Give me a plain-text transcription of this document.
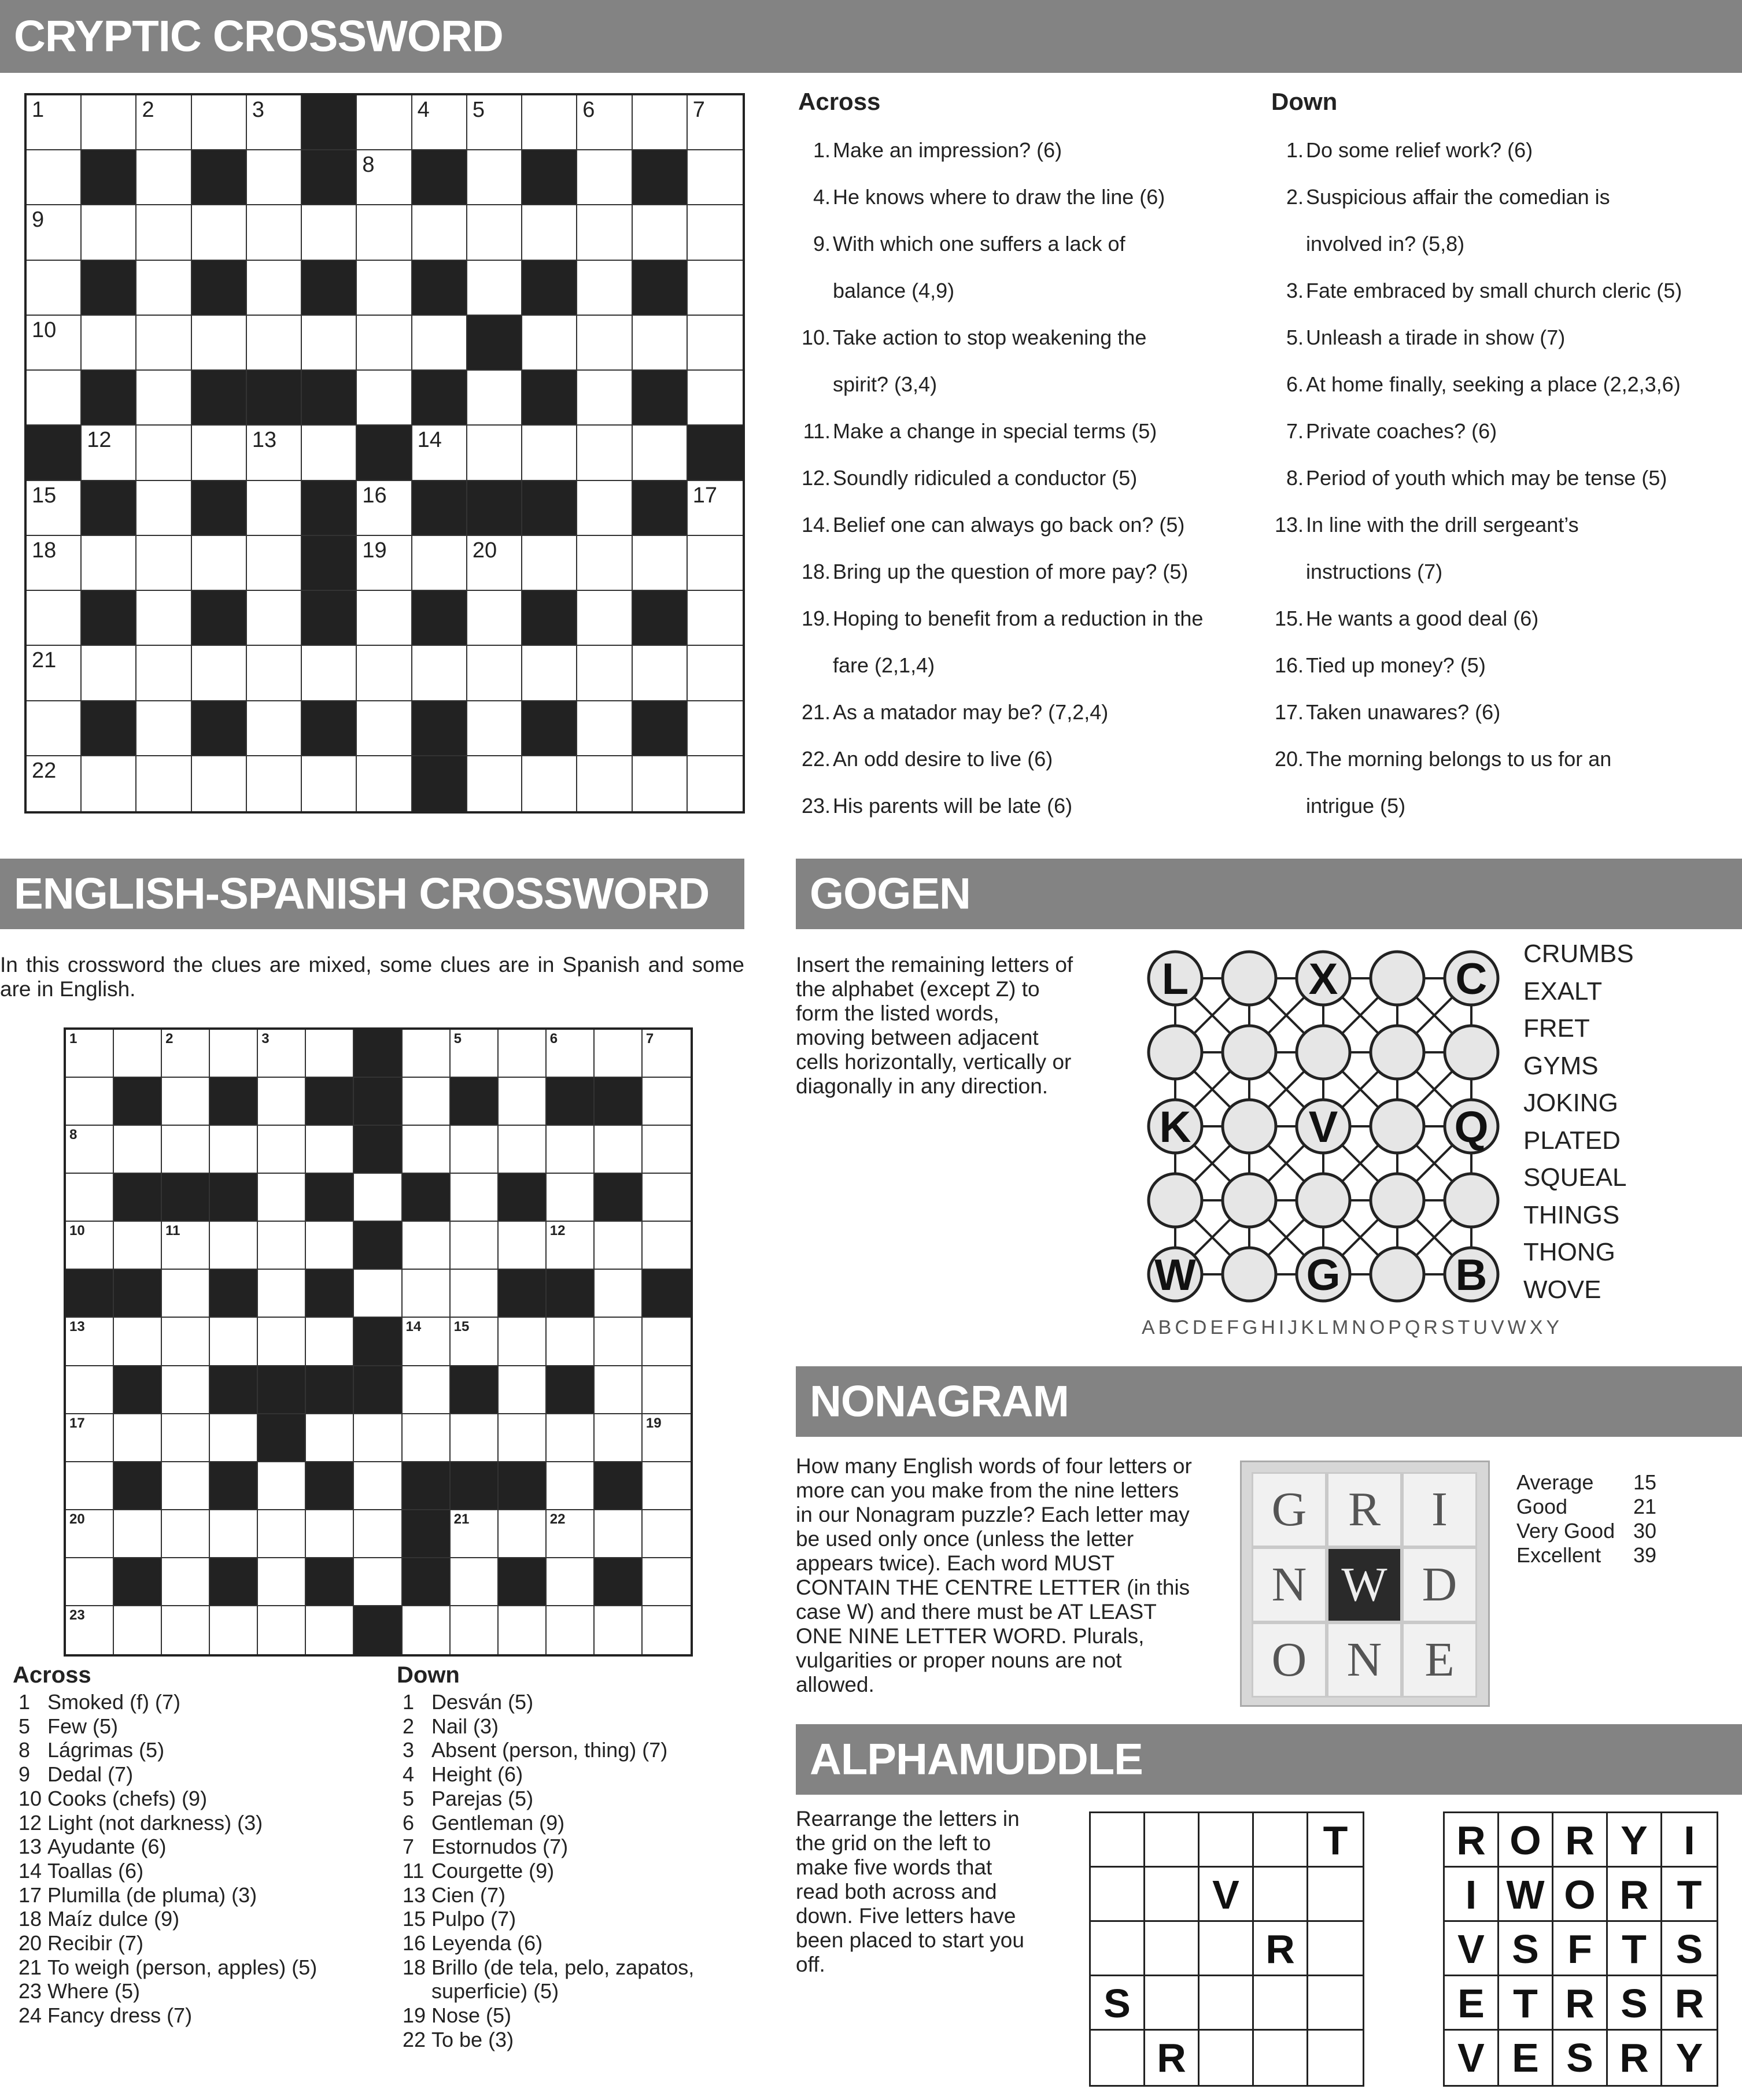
CRYPTIC CROSSWORD
1	2	3	4 5	6	7
8
9
10
12	13	14
15	16	17
18	19	20
21
22
Across
1. Make an impression? (6)
4. He knows where to draw the line (6)
9. With which one suffers a lack of
balance (4,9)
10. Take action to stop weakening the
spirit? (3,4)
11. Make a change in special terms (5)
12. Soundly ridiculed a conductor (5)
14. Belief one can always go back on? (5)
18. Bring up the question of more pay? (5)
19. Hoping to benefit from a reduction in the
fare (2,1,4)
21. As a matador may be? (7,2,4)
22. An odd desire to live (6)
23. His parents will be late (6)
Down
1. Do some relief work? (6)
2. Suspicious affair the comedian is
involved in? (5,8)
3. Fate embraced by small church cleric (5)
5. Unleash a tirade in show (7)
6. At home finally, seeking a place (2,2,3,6)
7. Private coaches? (6)
8. Period of youth which may be tense (5)
13. In line with the drill sergeant’s
instructions (7)
15. He wants a good deal (6)
16. Tied up money? (5)
17. Taken unawares? (6)
20. The morning belongs to us for an
intrigue (5)
ENGLISH-SPANISH CROSSWORD
In this crossword the clues are mixed, some clues are in Spanish and some are in English.
1	2	3	5	6	7
8
10	11	12
13	14 15
17	19
20	21	22
23
Across
1 Smoked (f) (7)
5 Few (5)
8 Lágrimas (5)
9 Dedal (7)
10 Cooks (chefs) (9)
12 Light (not darkness) (3)
13 Ayudante (6)
14 Toallas (6)
17 Plumilla (de pluma) (3)
18 Maíz dulce (9)
20 Recibir (7)
21 To weigh (person, apples) (5)
23 Where (5)
24 Fancy dress (7)
Down
1 Desván (5)
2 Nail (3)
3 Absent (person, thing) (7)
4 Height (6)
5 Parejas (5)
6 Gentleman (9)
7 Estornudos (7)
11 Courgette (9)
13 Cien (7)
15 Pulpo (7)
16 Leyenda (6)
18 Brillo (de tela, pelo, zapatos,
superficie) (5)
19 Nose (5)
22 To be (3)
GOGEN
Insert the remaining letters of the alphabet (except Z) to form the listed words, moving between adjacent cells horizontally, vertically or diagonally in any direction.
L	X	C
K	V	Q
W	G	B
CRUMBS
EXALT
FRET
GYMS
JOKING
PLATED
SQUEAL
THINGS
THONG
WOVE
ABCDEFGHIJKLMNOPQRSTUVWXY
NONAGRAM
How many English words of four letters or more can you make from the nine letters in our Nonagram puzzle? Each letter may be used only once (unless the letter appears twice). Each word MUST CONTAIN THE CENTRE LETTER (in this case W) and there must be AT LEAST ONE NINE LETTER WORD. Plurals, vulgarities or proper nouns are not allowed.
G R	I
N W D
O N E
Average 15
Good	21
Very Good 30
Excellent 39
ALPHAMUDDLE
Rearrange the letters in the grid on the left to make five words that read both across and down. Five letters have been placed to start you off.
T
V
R
S
R
R O R Y I
I W O R T
V S F T S
E T R S R
V E S R Y
